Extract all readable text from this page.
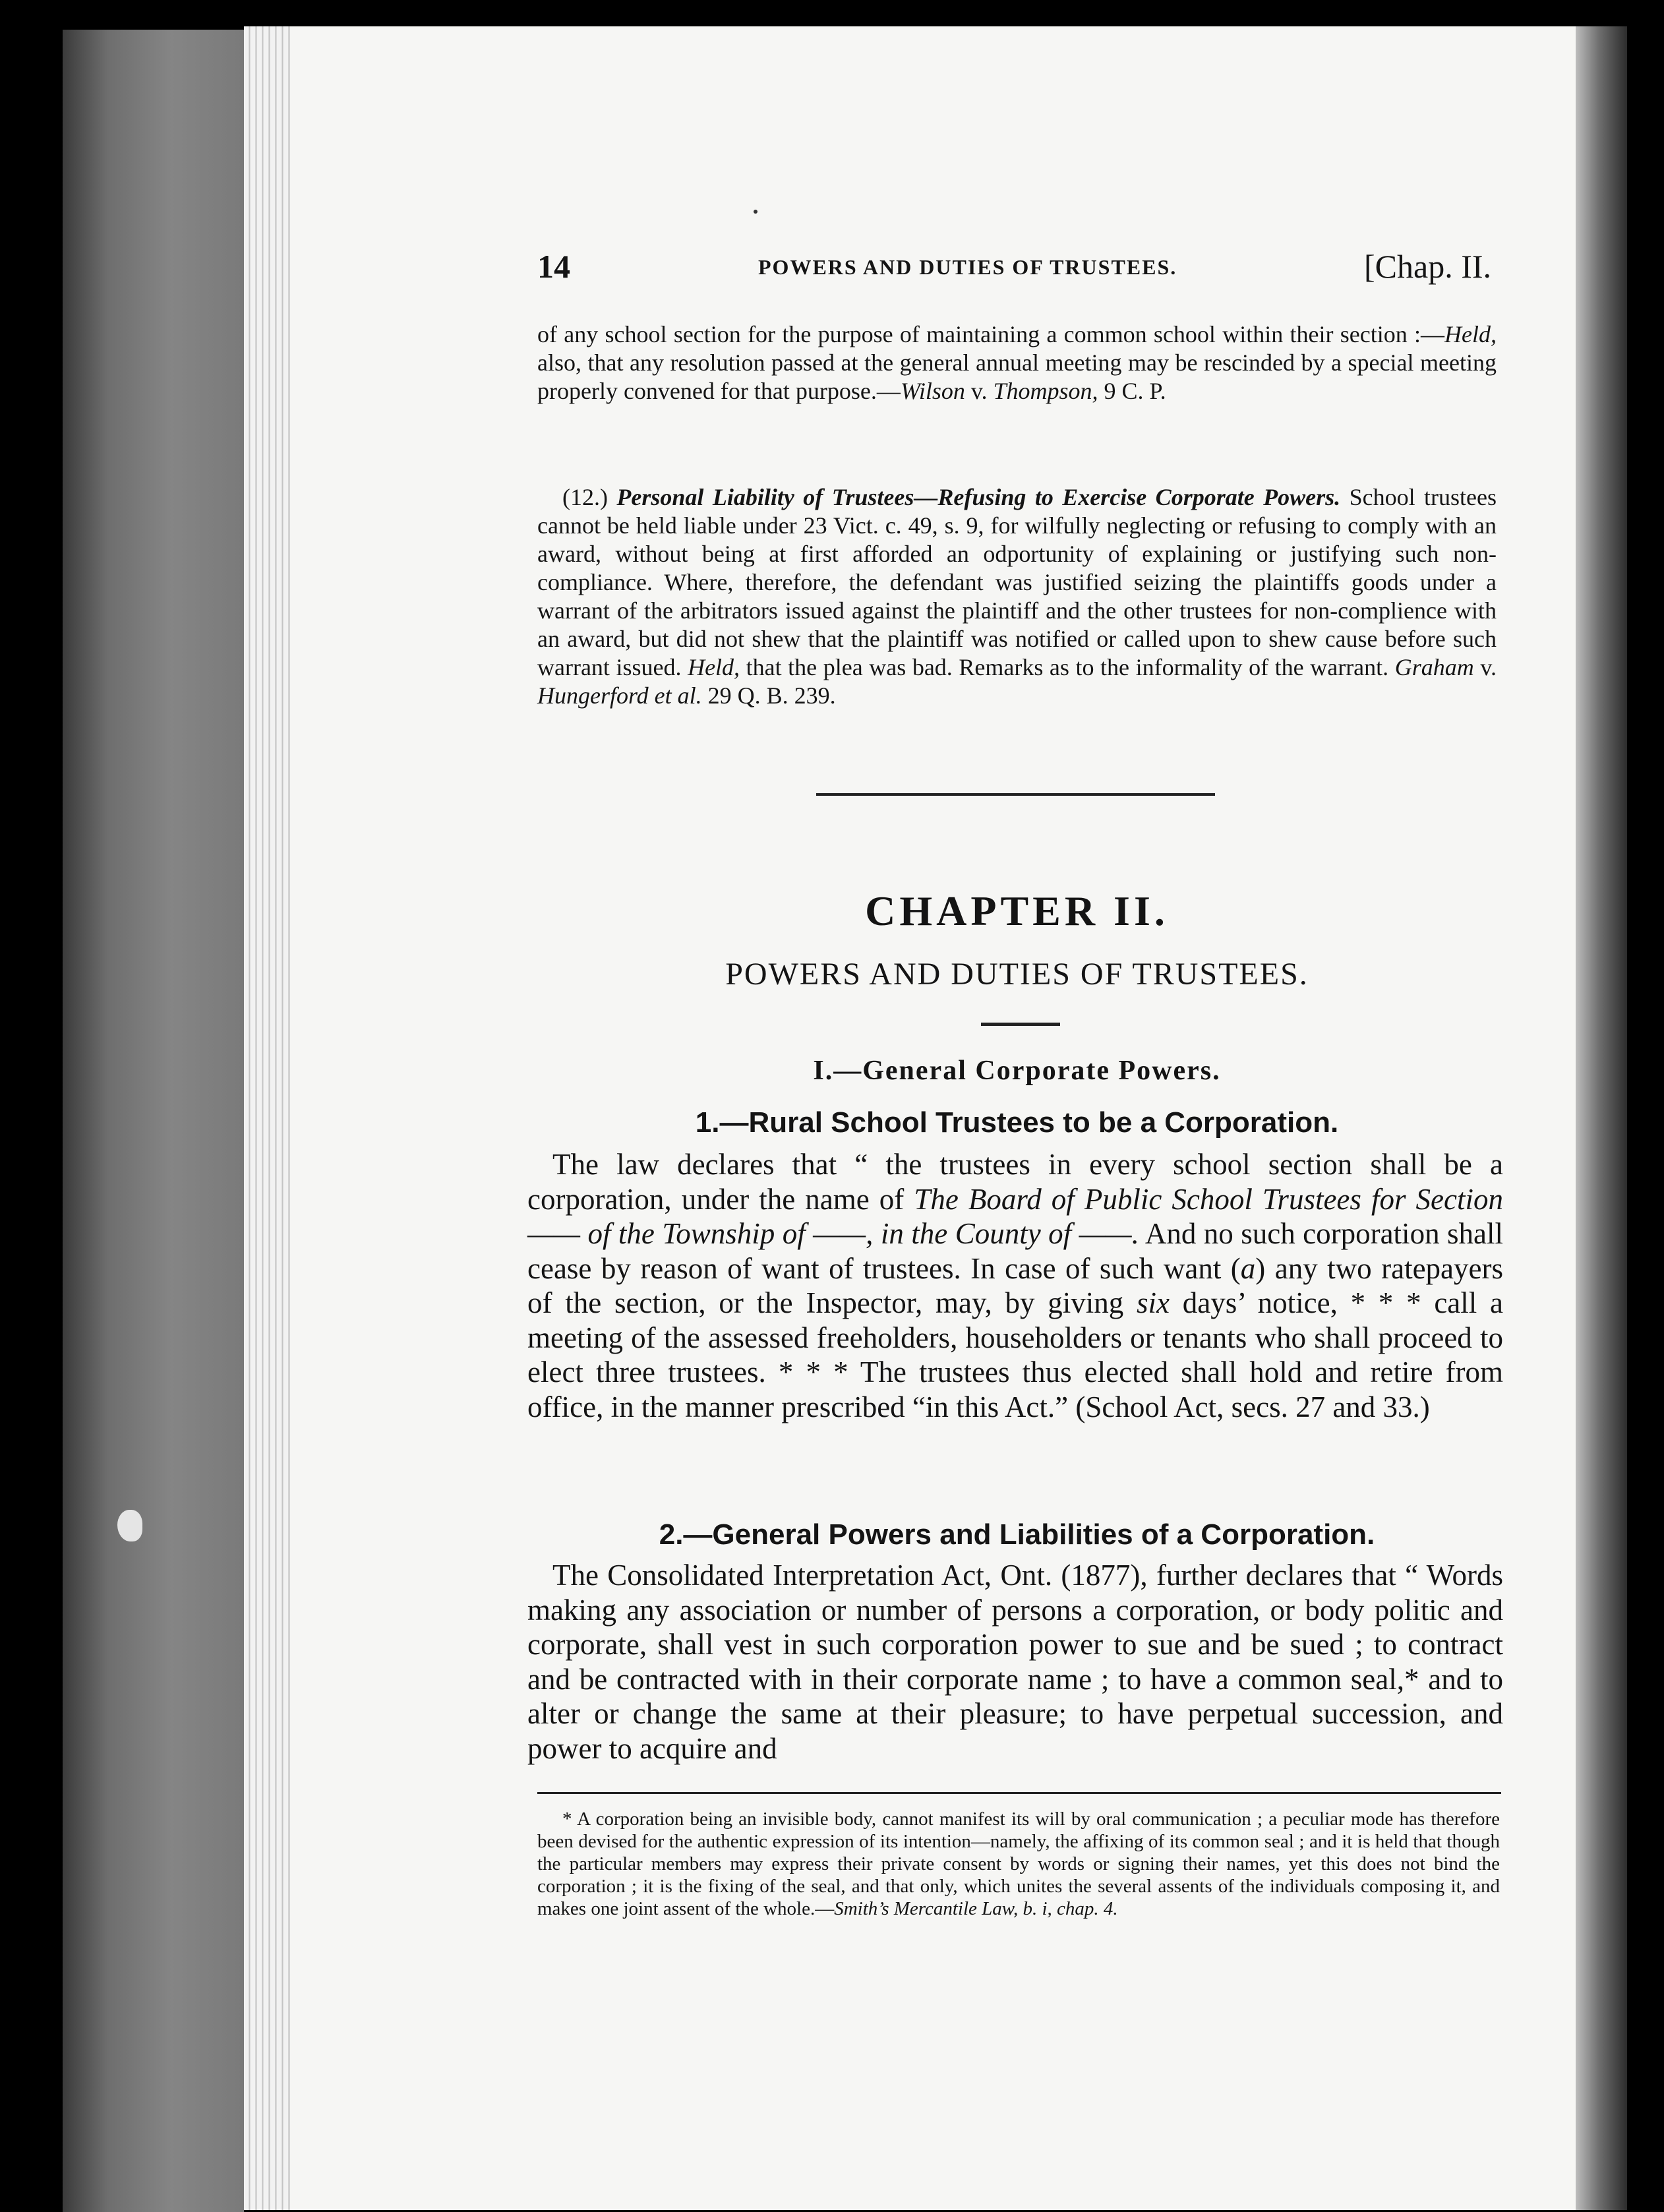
14	POWERS AND DUTIES OF TRUSTEES.	[Chap. II.
of any school section for the purpose of maintaining a common school within their section :—Held, also, that any resolution passed at the general annual meeting may be rescinded by a special meeting properly convened for that purpose.—Wilson v. Thompson, 9 C. P.
(12.) Personal Liability of Trustees—Refusing to Exercise Corporate Powers. School trustees cannot be held liable under 23 Vict. c. 49, s. 9, for wilfully neglecting or refusing to comply with an award, without being at first afforded an odportunity of explaining or justifying such non-compliance. Where, therefore, the defendant was justified seizing the plaintiffs goods under a warrant of the arbitrators issued against the plaintiff and the other trustees for non-complience with an award, but did not shew that the plaintiff was notified or called upon to shew cause before such warrant issued. Held, that the plea was bad. Remarks as to the informality of the warrant. Graham v. Hungerford et al. 29 Q. B. 239.
CHAPTER II.
POWERS AND DUTIES OF TRUSTEES.
I.—General Corporate Powers.
1.—Rural School Trustees to be a Corporation.
The law declares that “ the trustees in every school section shall be a corporation, under the name of The Board of Public School Trustees for Section —— of the Township of ——, in the County of ——. And no such corporation shall cease by reason of want of trustees. In case of such want (a) any two ratepayers of the section, or the Inspector, may, by giving six days’ notice, * * * call a meeting of the assessed freeholders, householders or tenants who shall proceed to elect three trustees. * * * The trustees thus elected shall hold and retire from office, in the manner prescribed “in this Act.” (School Act, secs. 27 and 33.)
2.—General Powers and Liabilities of a Corporation.
The Consolidated Interpretation Act, Ont. (1877), further declares that “ Words making any association or number of persons a corporation, or body politic and corporate, shall vest in such corporation power to sue and be sued ; to contract and be contracted with in their corporate name ; to have a common seal,* and to alter or change the same at their pleasure; to have perpetual succession, and power to acquire and
* A corporation being an invisible body, cannot manifest its will by oral communication ; a peculiar mode has therefore been devised for the authentic expression of its intention—namely, the affixing of its common seal ; and it is held that though the particular members may express their private consent by words or signing their names, yet this does not bind the corporation ; it is the fixing of the seal, and that only, which unites the several assents of the individuals composing it, and makes one joint assent of the whole.—Smith’s Mercantile Law, b. i, chap. 4.
